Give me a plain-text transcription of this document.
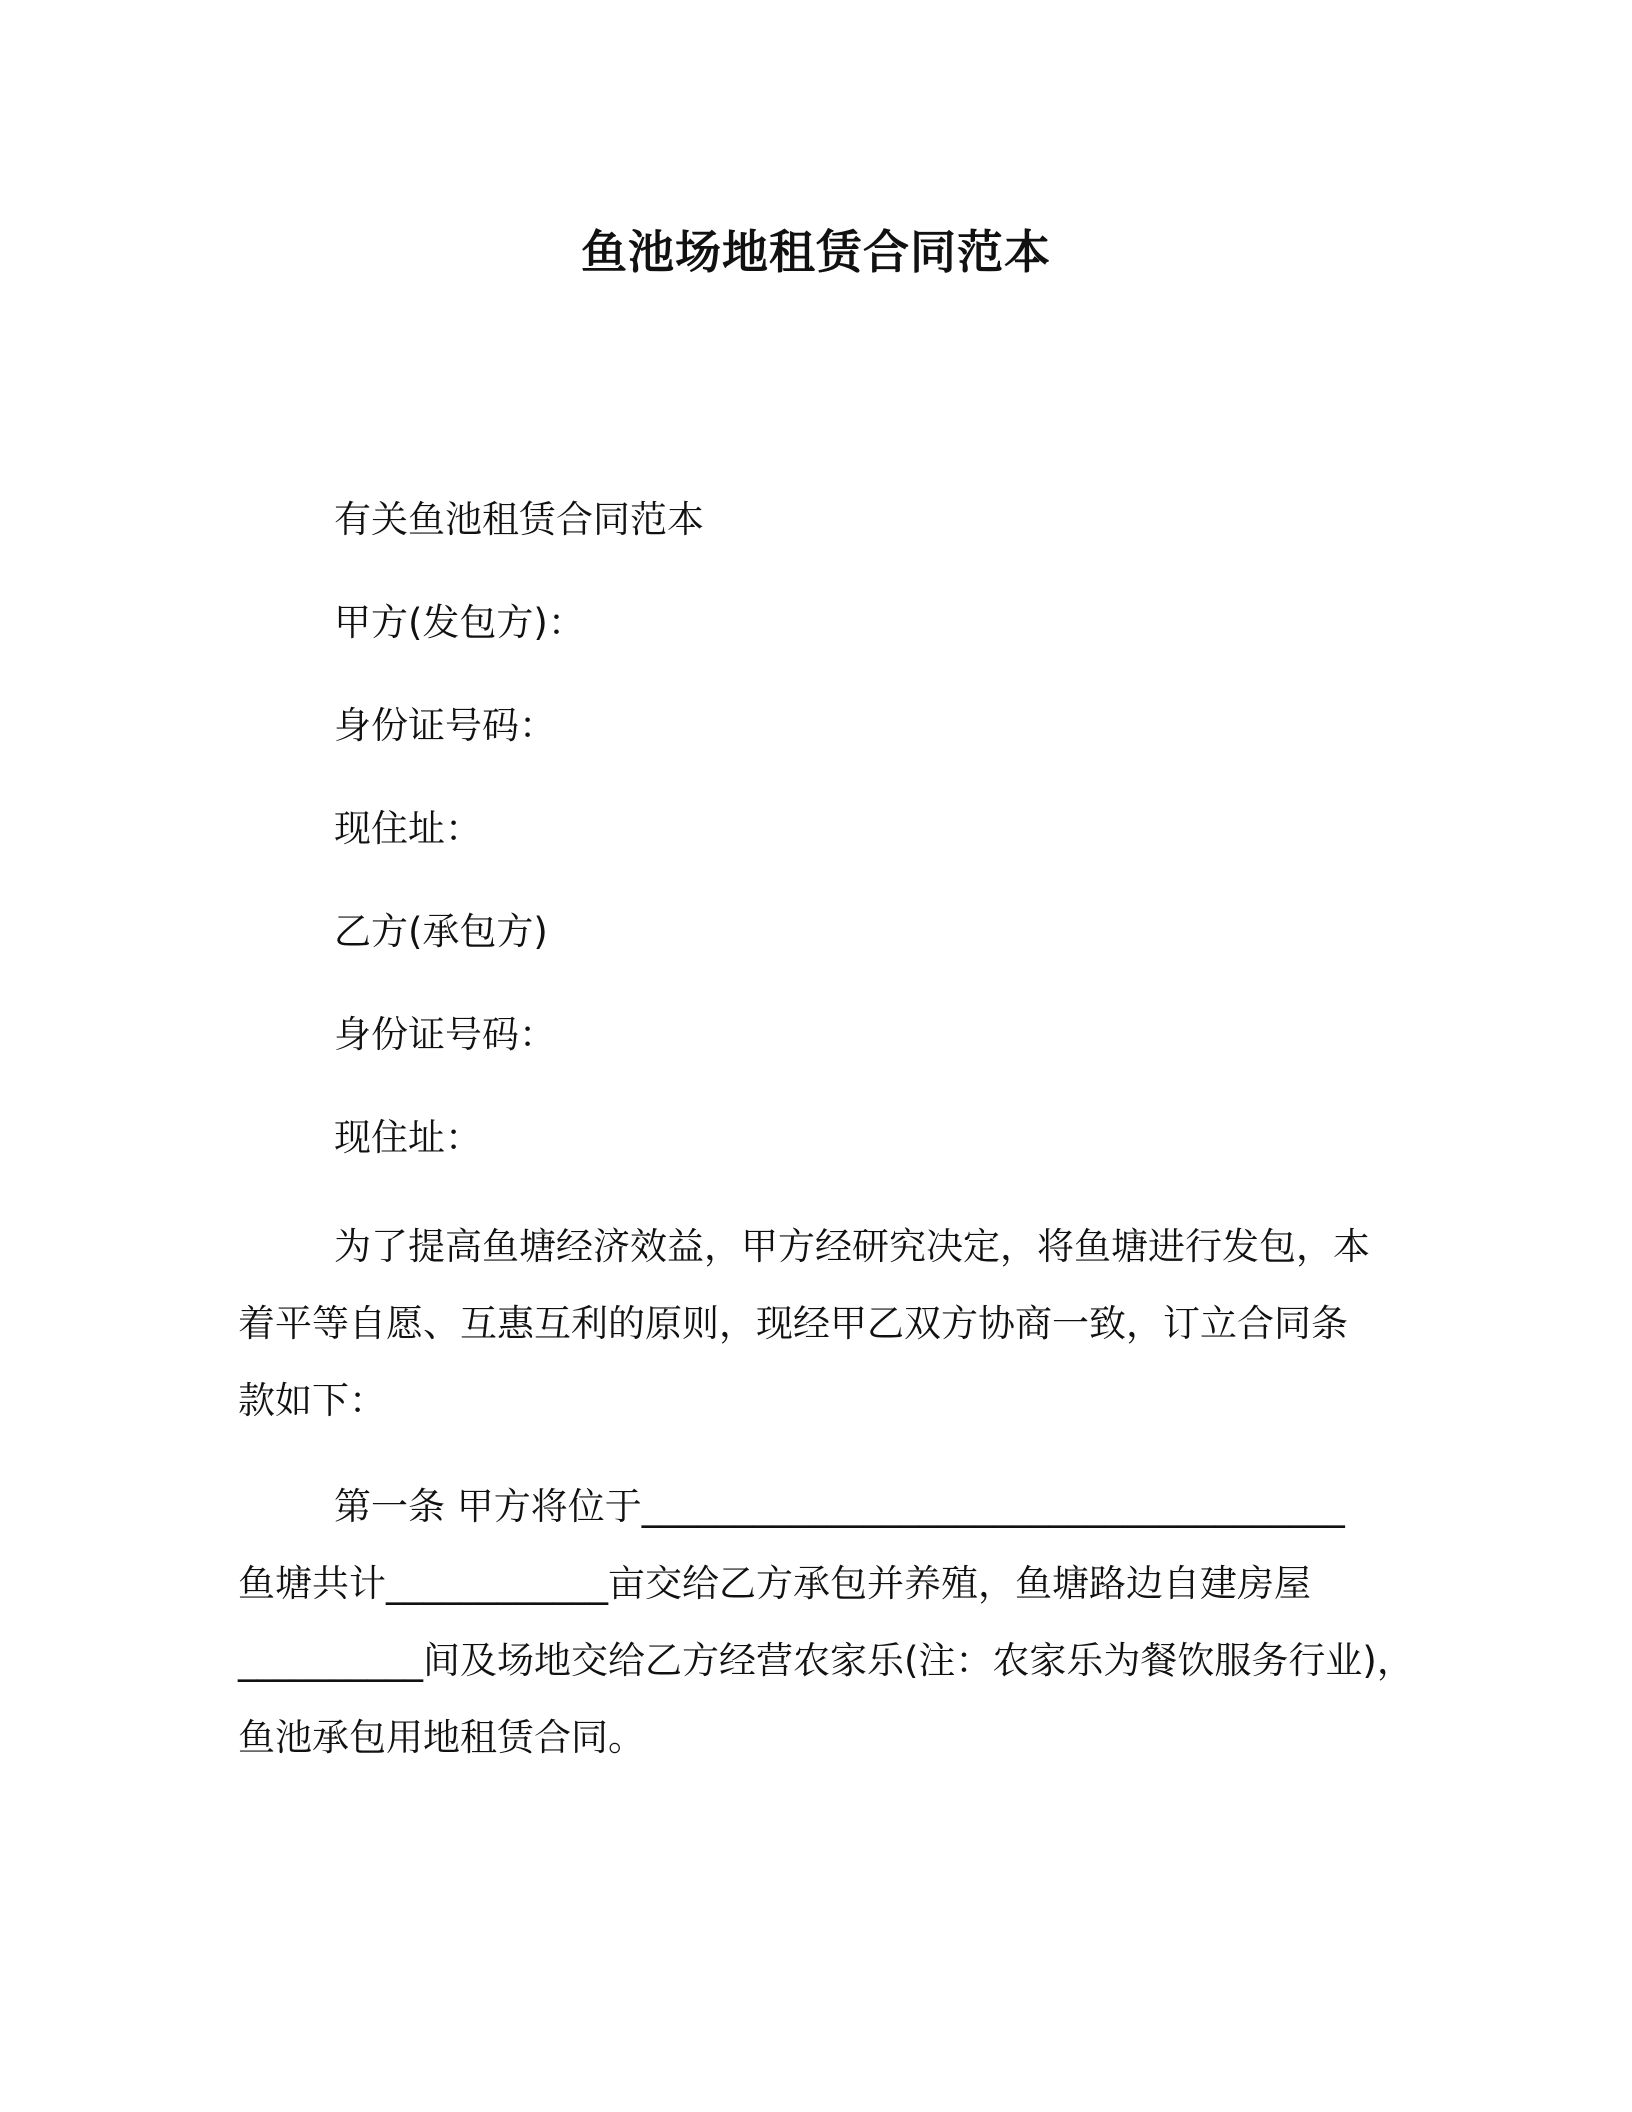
鱼池场地租赁合同范本

有关鱼池租赁合同范本

甲方(发包方)：

身份证号码：

现住址：

乙方(承包方)

身份证号码：

现住址：

为了提高鱼塘经济效益，甲方经研究决定，将鱼塘进行发包，本
着平等自愿、互惠互利的原则，现经甲乙双方协商一致，订立合同条
款如下：
第一条 甲方将位于______________________________________
鱼塘共计____________亩交给乙方承包并养殖，鱼塘路边自建房屋
__________间及场地交给乙方经营农家乐(注：农家乐为餐饮服务行业)，
鱼池承包用地租赁合同。
